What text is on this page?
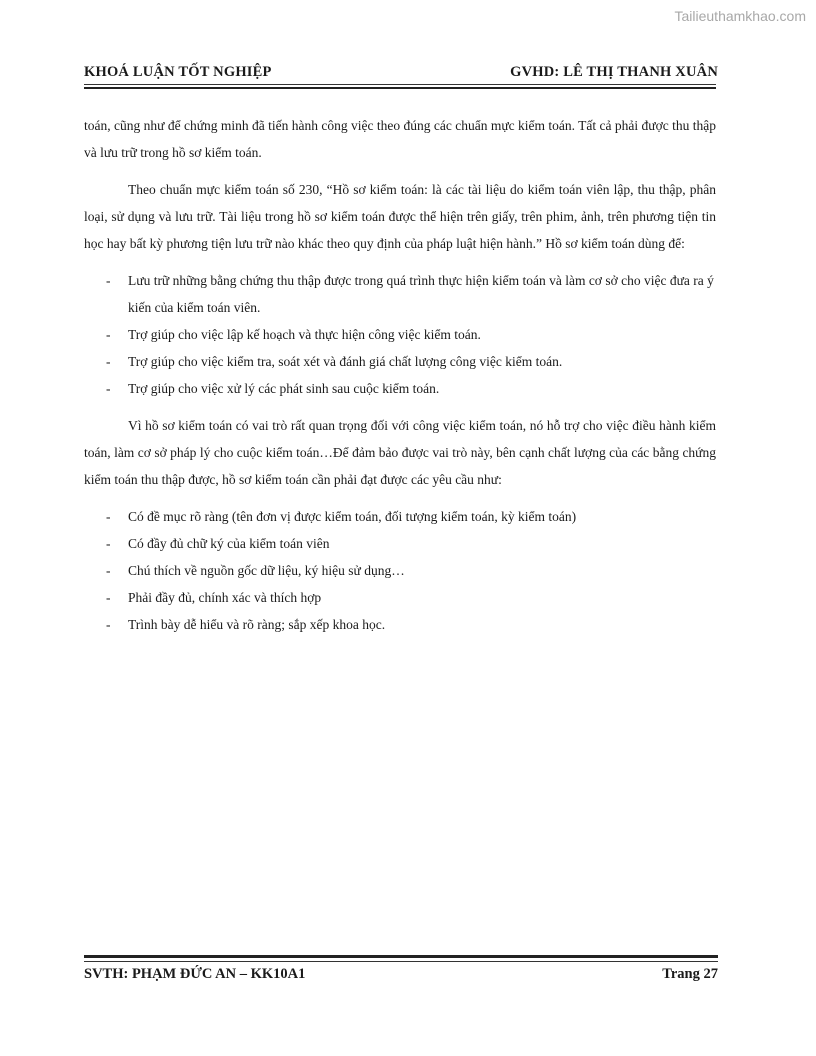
Tailieuthamkhao.com
KHOÁ LUẬN TỐT NGHIỆP	GVHD: LÊ THỊ THANH XUÂN

toán, cũng như để chứng minh đã tiến hành công việc theo đúng các chuẩn mực kiểm toán. Tất cả phải được thu thập và lưu trữ trong hồ sơ kiểm toán.

Theo chuẩn mực kiểm toán số 230, “Hồ sơ kiểm toán: là các tài liệu do kiểm toán viên lập, thu thập, phân loại, sử dụng và lưu trữ. Tài liệu trong hồ sơ kiểm toán được thể hiện trên giấy, trên phim, ảnh, trên phương tiện tin học hay bất kỳ phương tiện lưu trữ nào khác theo quy định của pháp luật hiện hành.” Hồ sơ kiểm toán dùng để:

- Lưu trữ những bằng chứng thu thập được trong quá trình thực hiện kiểm toán và làm cơ sở cho việc đưa ra ý kiến của kiểm toán viên.
- Trợ giúp cho việc lập kế hoạch và thực hiện công việc kiểm toán.
- Trợ giúp cho việc kiểm tra, soát xét và đánh giá chất lượng công việc kiểm toán.
- Trợ giúp cho việc xử lý các phát sinh sau cuộc kiểm toán.

Vì hồ sơ kiểm toán có vai trò rất quan trọng đối với công việc kiểm toán, nó hỗ trợ cho việc điều hành kiểm toán, làm cơ sở pháp lý cho cuộc kiểm toán…Để đảm bảo được vai trò này, bên cạnh chất lượng của các bằng chứng kiểm toán thu thập được, hồ sơ kiểm toán cần phải đạt được các yêu cầu như:

- Có đề mục rõ ràng (tên đơn vị được kiểm toán, đối tượng kiểm toán, kỳ kiểm toán)
- Có đầy đủ chữ ký của kiểm toán viên
- Chú thích về nguồn gốc dữ liệu, ký hiệu sử dụng…
- Phải đầy đủ, chính xác và thích hợp
- Trình bày dễ hiểu và rõ ràng; sắp xếp khoa học.
SVTH: PHẠM ĐỨC AN – KK10A1	Trang 27
